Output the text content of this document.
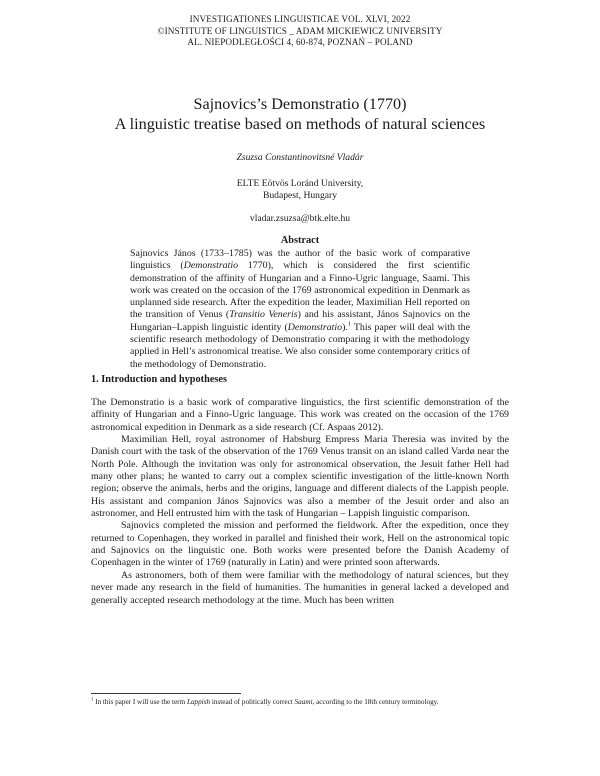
INVESTIGATIONES LINGUISTICAE VOL. XLVI, 2022
©INSTITUTE OF LINGUISTICS _ ADAM MICKIEWICZ UNIVERSITY
AL. NIEPODLEGŁOŚCI 4, 60-874, POZNAŃ – POLAND
Sajnovics’s Demonstratio (1770)
A linguistic treatise based on methods of natural sciences
Zsuzsa Constantinovitsné Vladár
ELTE Eötvös Loránd University,
Budapest, Hungary
vladar.zsuzsa@btk.elte.hu
Abstract
Sajnovics János (1733–1785) was the author of the basic work of comparative linguistics (Demonstratio 1770), which is considered the first scientific demonstration of the affinity of Hungarian and a Finno-Ugric language, Saami. This work was created on the occasion of the 1769 astronomical expedition in Denmark as unplanned side research. After the expedition the leader, Maximilian Hell reported on the transition of Venus (Transitio Veneris) and his assistant, János Sajnovics on the Hungarian–Lappish linguistic identity (Demonstratio).$^1$ This paper will deal with the scientific research methodology of Demonstratio comparing it with the methodology applied in Hell’s astronomical treatise. We also consider some contemporary critics of the methodology of Demonstratio.
1. Introduction and hypotheses

The Demonstratio is a basic work of comparative linguistics, the first scientific demonstration of the affinity of Hungarian and a Finno-Ugric language. This work was created on the occasion of the 1769 astronomical expedition in Denmark as a side research (Cf. Aspaas 2012).

Maximilian Hell, royal astronomer of Habsburg Empress Maria Theresia was invited by the Danish court with the task of the observation of the 1769 Venus transit on an island called Vardø near the North Pole. Although the invitation was only for astronomical observation, the Jesuit father Hell had many other plans; he wanted to carry out a complex scientific investigation of the little-known North region; observe the animals, herbs and the origins, language and different dialects of the Lappish people. His assistant and companion János Sajnovics was also a member of the Jesuit order and also an astronomer, and Hell entrusted him with the task of Hungarian – Lappish linguistic comparison.

Sajnovics completed the mission and performed the fieldwork. After the expedition, once they returned to Copenhagen, they worked in parallel and finished their work, Hell on the astronomical topic and Sajnovics on the linguistic one. Both works were presented before the Danish Academy of Copenhagen in the winter of 1769 (naturally in Latin) and were printed soon afterwards.

As astronomers, both of them were familiar with the methodology of natural sciences, but they never made any research in the field of humanities. The humanities in general lacked a developed and generally accepted research methodology at the time. Much has been written

$^1$ In this paper I will use the term Lappish instead of politically correct Saami, according to the 18th century terminology.
